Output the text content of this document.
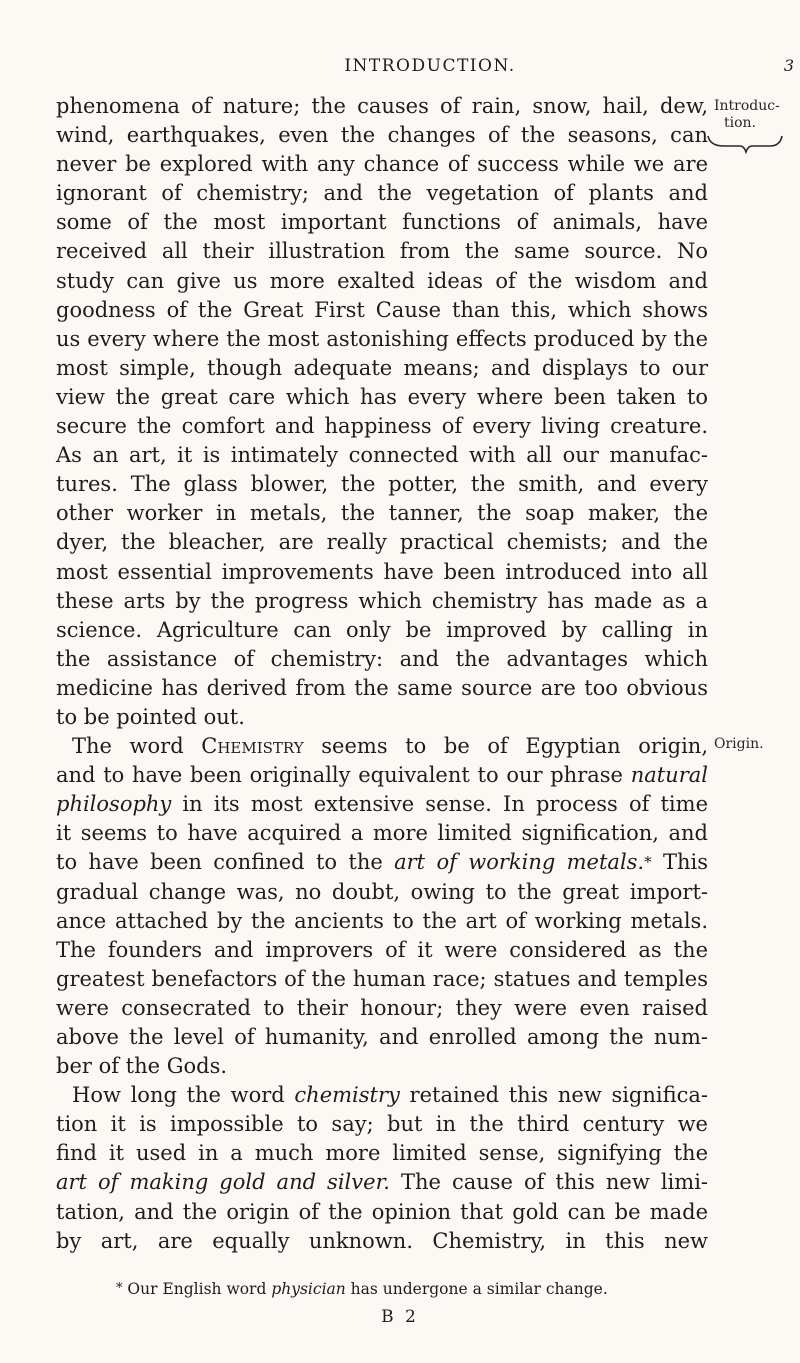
INTRODUCTION.	3
Introduc-
tion.
Origin.
phenomena of nature; the causes of rain, snow, hail, dew,
wind, earthquakes, even the changes of the seasons, can
never be explored with any chance of success while we are
ignorant of chemistry; and the vegetation of plants and
some of the most important functions of animals, have
received all their illustration from the same source. No
study can give us more exalted ideas of the wisdom and
goodness of the Great First Cause than this, which shows
us every where the most astonishing effects produced by the
most simple, though adequate means; and displays to our
view the great care which has every where been taken to
secure the comfort and happiness of every living creature.
As an art, it is intimately connected with all our manufac-
tures. The glass blower, the potter, the smith, and every
other worker in metals, the tanner, the soap maker, the
dyer, the bleacher, are really practical chemists; and the
most essential improvements have been introduced into all
these arts by the progress which chemistry has made as a
science. Agriculture can only be improved by calling in
the assistance of chemistry: and the advantages which
medicine has derived from the same source are too obvious
to be pointed out.
The word Chemistry seems to be of Egyptian origin,
and to have been originally equivalent to our phrase natural
philosophy in its most extensive sense. In process of time
it seems to have acquired a more limited signification, and
to have been confined to the art of working metals.* This
gradual change was, no doubt, owing to the great import-
ance attached by the ancients to the art of working metals.
The founders and improvers of it were considered as the
greatest benefactors of the human race; statues and temples
were consecrated to their honour; they were even raised
above the level of humanity, and enrolled among the num-
ber of the Gods.
How long the word chemistry retained this new significa-
tion it is impossible to say; but in the third century we
find it used in a much more limited sense, signifying the
art of making gold and silver. The cause of this new limi-
tation, and the origin of the opinion that gold can be made
by art, are equally unknown. Chemistry, in this new
* Our English word physician has undergone a similar change.
B 2
